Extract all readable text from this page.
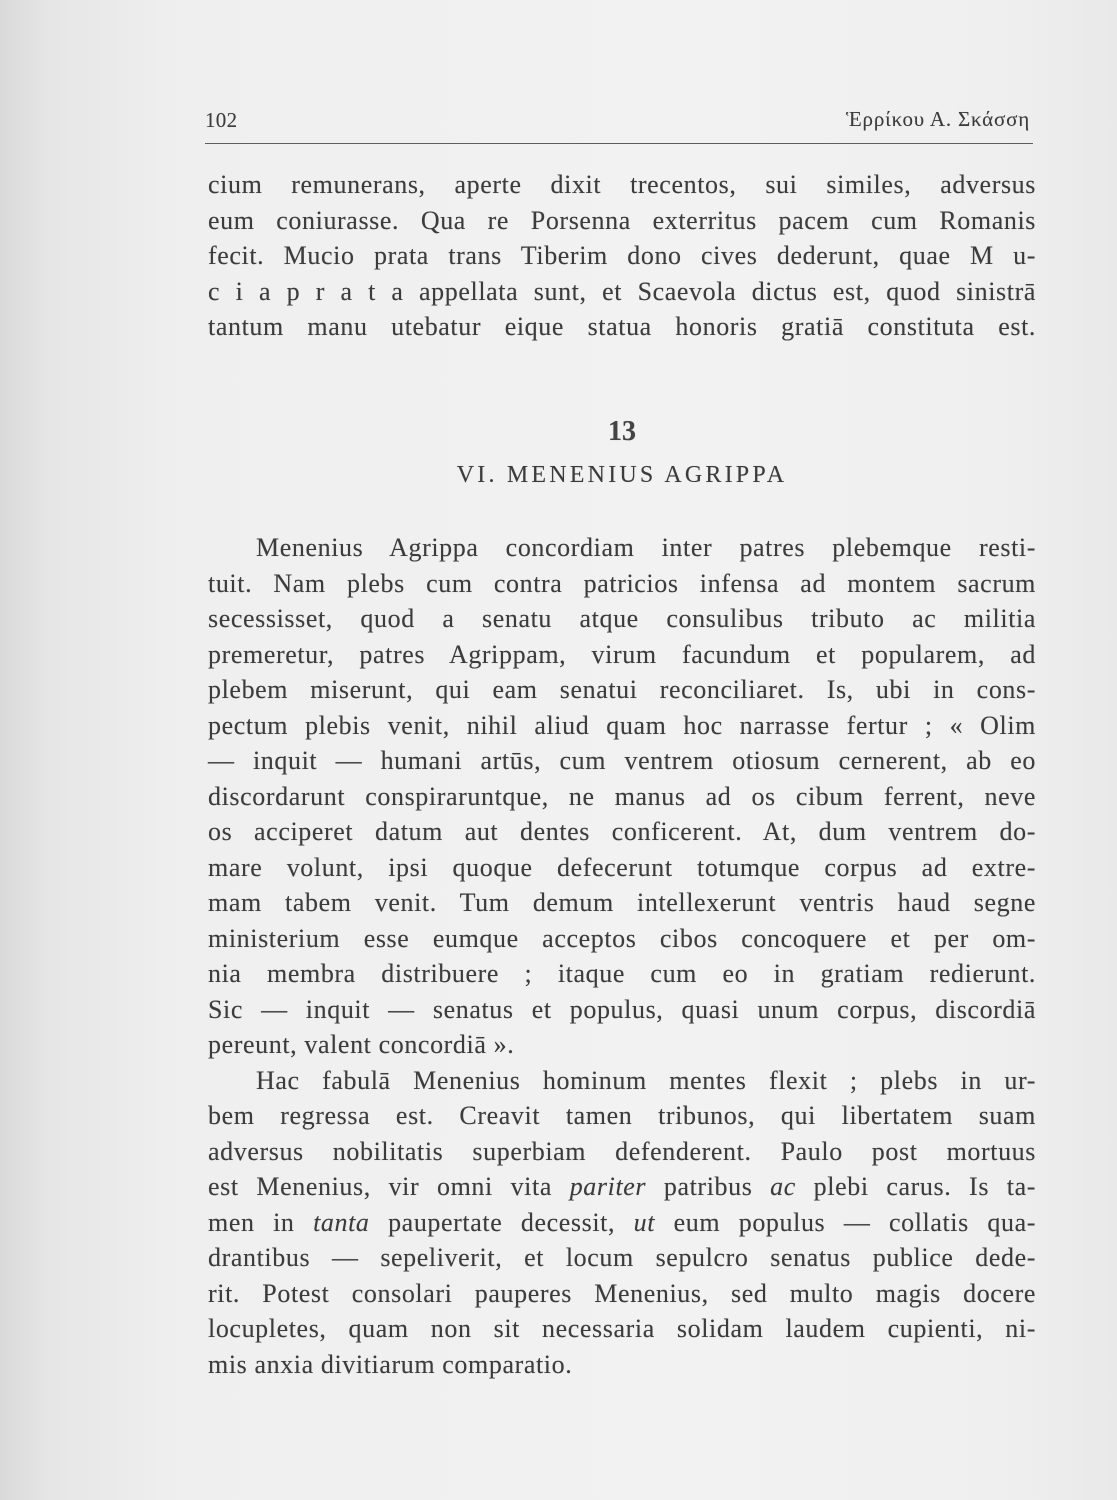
102	Ἑρρίκου Α. Σκάσση
cium remunerans, aperte dixit trecentos, sui similes, adversus
eum coniurasse. Qua re Porsenna exterritus pacem cum Romanis
fecit. Mucio prata trans Tiberim dono cives dederunt, quae M u-
c i a p r a t a appellata sunt, et Scaevola dictus est, quod sinistrā
tantum manu utebatur eique statua honoris gratiā constituta est.
13
VI. MENENIUS AGRIPPA
Menenius Agrippa concordiam inter patres plebemque resti-
tuit. Nam plebs cum contra patricios infensa ad montem sacrum
secessisset, quod a senatu atque consulibus tributo ac militia
premeretur, patres Agrippam, virum facundum et popularem, ad
plebem miserunt, qui eam senatui reconciliaret. Is, ubi in cons-
pectum plebis venit, nihil aliud quam hoc narrasse fertur ; « Olim
— inquit — humani artūs, cum ventrem otiosum cernerent, ab eo
discordarunt conspiraruntque, ne manus ad os cibum ferrent, neve
os acciperet datum aut dentes conficerent. At, dum ventrem do-
mare volunt, ipsi quoque defecerunt totumque corpus ad extre-
mam tabem venit. Tum demum intellexerunt ventris haud segne
ministerium esse eumque acceptos cibos concoquere et per om-
nia membra distribuere ; itaque cum eo in gratiam redierunt.
Sic — inquit — senatus et populus, quasi unum corpus, discordiā
pereunt, valent concordiā ».
Hac fabulā Menenius hominum mentes flexit ; plebs in ur-
bem regressa est. Creavit tamen tribunos, qui libertatem suam
adversus nobilitatis superbiam defenderent. Paulo post mortuus
est Menenius, vir omni vita pariter patribus ac plebi carus. Is ta-
men in tanta paupertate decessit, ut eum populus — collatis qua-
drantibus — sepeliverit, et locum sepulcro senatus publice dede-
rit. Potest consolari pauperes Menenius, sed multo magis docere
locupletes, quam non sit necessaria solidam laudem cupienti, ni-
mis anxia divitiarum comparatio.
